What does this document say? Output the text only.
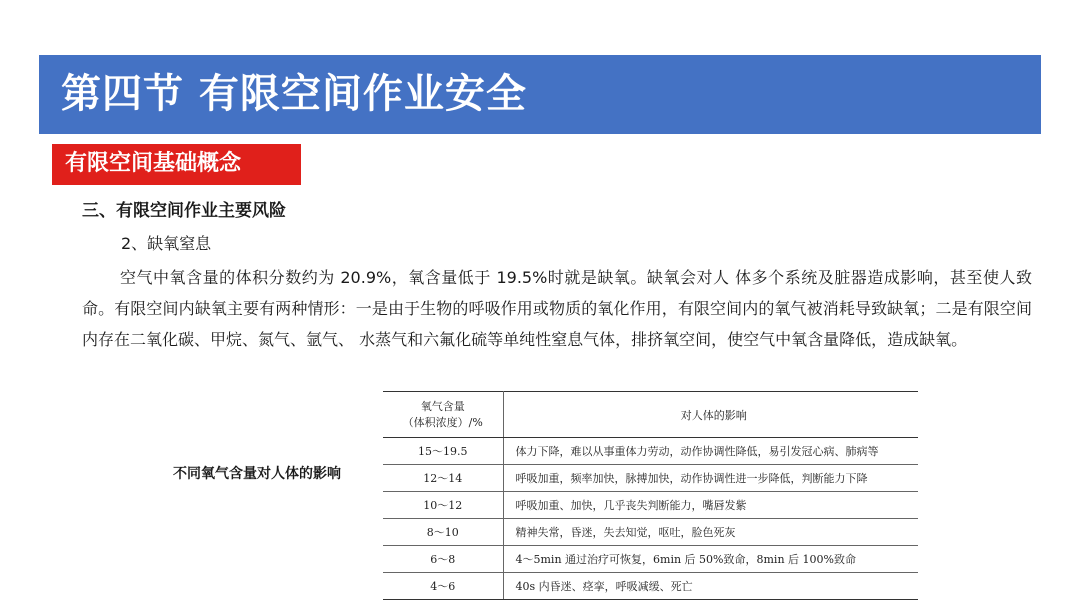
第四节 有限空间作业安全
有限空间基础概念
三、有限空间作业主要风险
2、缺氧窒息
空气中氧含量的体积分数约为 20.9%，氧含量低于 19.5%时就是缺氧。缺氧会对人 体多个系统及脏器造成影响，甚至使人致命。有限空间内缺氧主要有两种情形：一是由于生物的呼吸作用或物质的氧化作用，有限空间内的氧气被消耗导致缺氧；二是有限空间内存在二氧化碳、甲烷、氮气、氩气、 水蒸气和六氟化硫等单纯性窒息气体，排挤氧空间，使空气中氧含量降低，造成缺氧。
不同氧气含量对人体的影响
氧气含量
（体积浓度）/%	对人体的影响
15～19.5	体力下降，难以从事重体力劳动，动作协调性降低，易引发冠心病、肺病等
12～14	呼吸加重，频率加快，脉搏加快，动作协调性进一步降低，判断能力下降
10～12	呼吸加重、加快，几乎丧失判断能力，嘴唇发紫
8～10	精神失常，昏迷，失去知觉，呕吐，脸色死灰
6～8	4～5min 通过治疗可恢复，6min 后 50%致命，8min 后 100%致命
4～6	40s 内昏迷、痉挛，呼吸减缓、死亡
